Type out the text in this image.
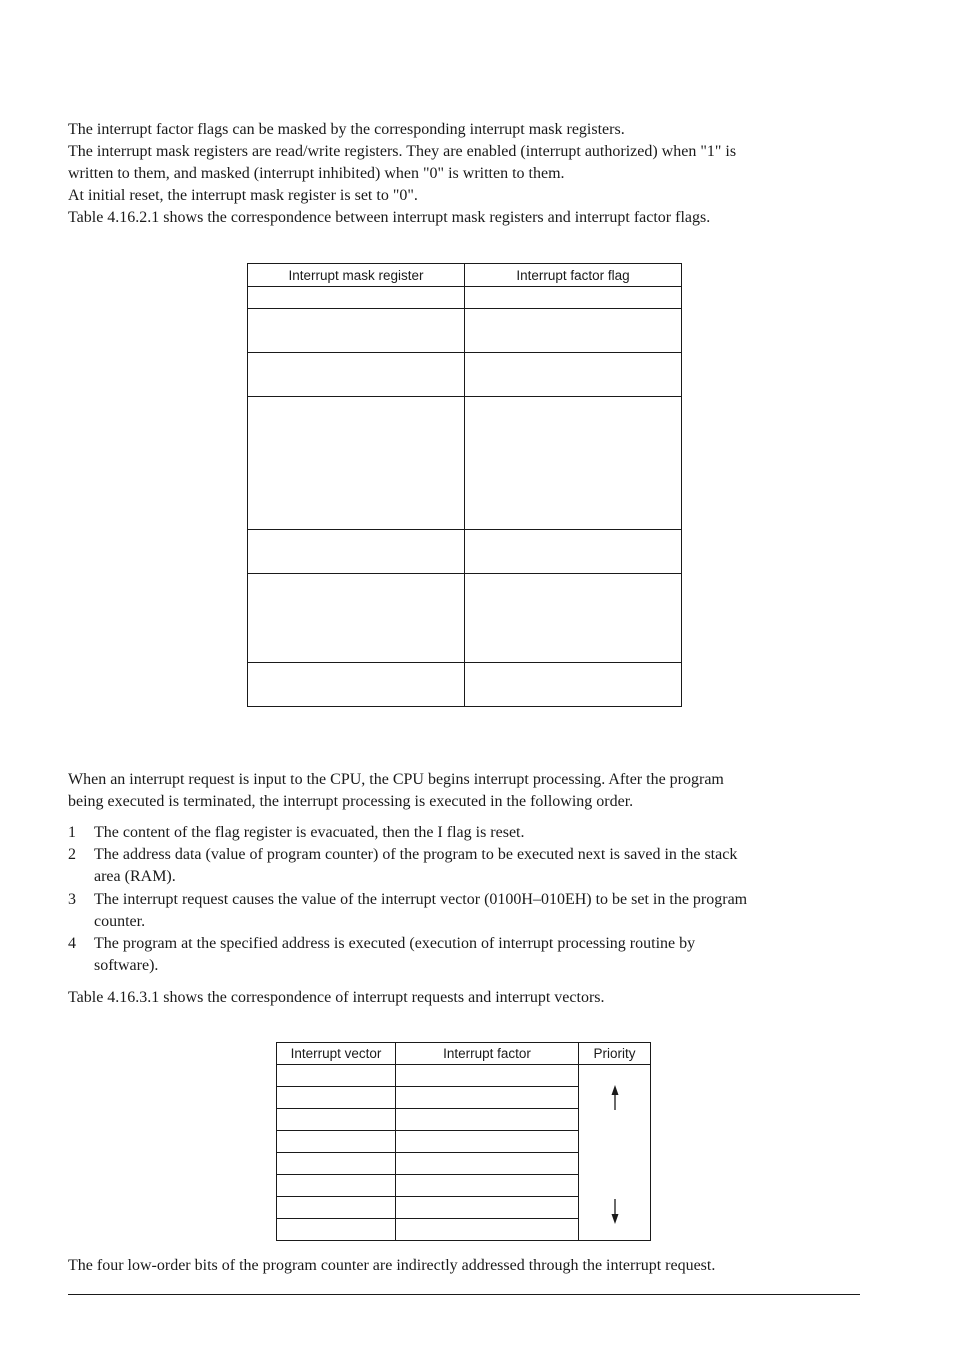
The interrupt factor flags can be masked by the corresponding interrupt mask registers.
The interrupt mask registers are read/write registers. They are enabled (interrupt authorized) when "1" is
written to them, and masked (interrupt inhibited) when "0" is written to them.
At initial reset, the interrupt mask register is set to "0".
Table 4.16.2.1 shows the correspondence between interrupt mask registers and interrupt factor flags.
Interrupt mask register	Interrupt factor flag

When an interrupt request is input to the CPU, the CPU begins interrupt processing. After the program
being executed is terminated, the interrupt processing is executed in the following order.
1 The content of the flag register is evacuated, then the I flag is reset.
2 The address data (value of program counter) of the program to be executed next is saved in the stack
area (RAM).
3 The interrupt request causes the value of the interrupt vector (0100H–010EH) to be set in the program
counter.
4 The program at the specified address is executed (execution of interrupt processing routine by
software).
Table 4.16.3.1 shows the correspondence of interrupt requests and interrupt vectors.
Interrupt vector	Interrupt factor	Priority

The four low-order bits of the program counter are indirectly addressed through the interrupt request.
